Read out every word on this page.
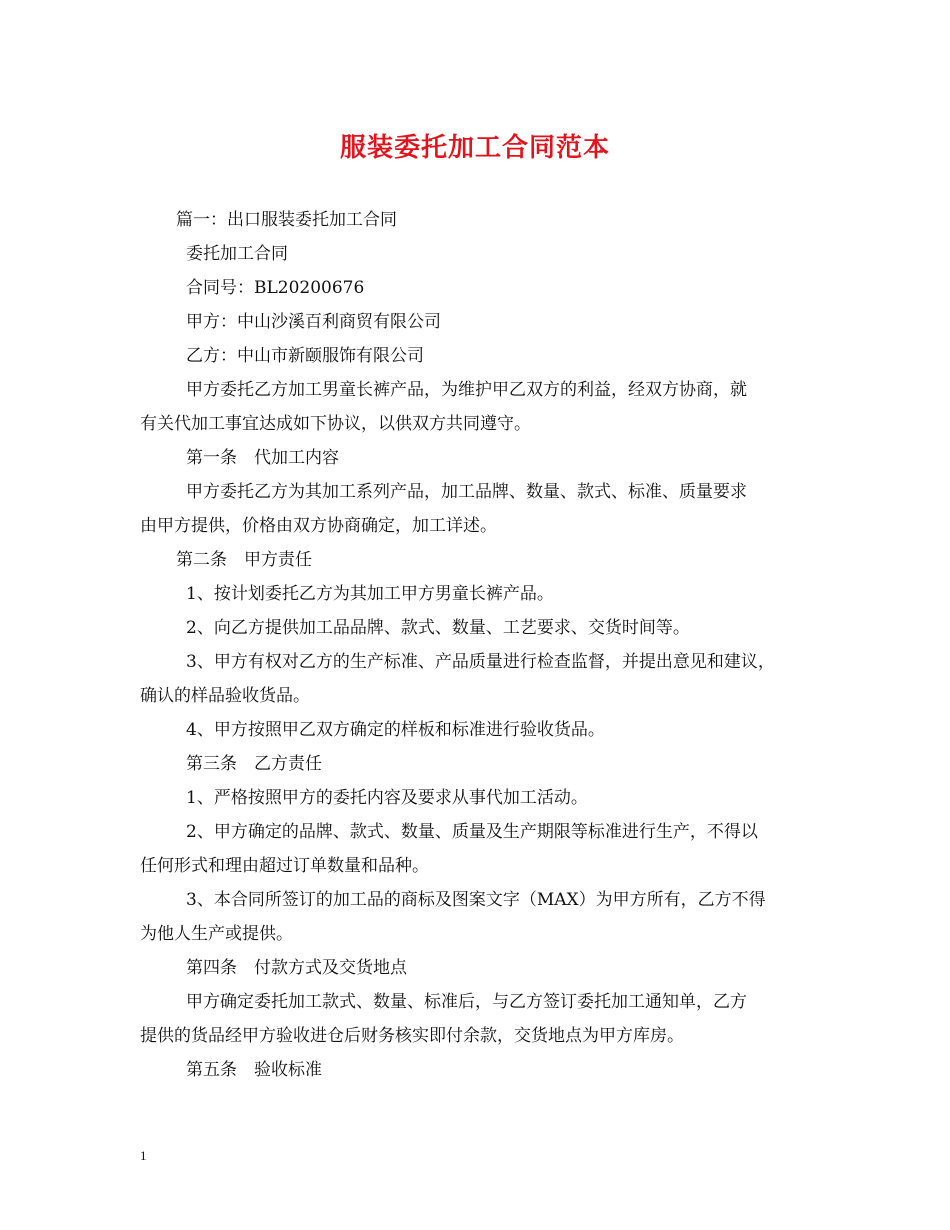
服装委托加工合同范本
篇一：出口服装委托加工合同
委托加工合同
合同号：BL20200676
甲方：中山沙溪百利商贸有限公司
乙方：中山市新颐服饰有限公司
甲方委托乙方加工男童长裤产品，为维护甲乙双方的利益，经双方协商，就
有关代加工事宜达成如下协议，以供双方共同遵守。
第一条　代加工内容
甲方委托乙方为其加工系列产品，加工品牌、数量、款式、标准、质量要求
由甲方提供，价格由双方协商确定，加工详述。
第二条　甲方责任
1、按计划委托乙方为其加工甲方男童长裤产品。
2、向乙方提供加工品品牌、款式、数量、工艺要求、交货时间等。
3、甲方有权对乙方的生产标准、产品质量进行检查监督，并提出意见和建议，
确认的样品验收货品。
4、甲方按照甲乙双方确定的样板和标准进行验收货品。
第三条　乙方责任
1、严格按照甲方的委托内容及要求从事代加工活动。
2、甲方确定的品牌、款式、数量、质量及生产期限等标准进行生产，不得以
任何形式和理由超过订单数量和品种。
3、本合同所签订的加工品的商标及图案文字（MAX）为甲方所有，乙方不得
为他人生产或提供。
第四条　付款方式及交货地点
甲方确定委托加工款式、数量、标准后，与乙方签订委托加工通知单，乙方
提供的货品经甲方验收进仓后财务核实即付余款，交货地点为甲方库房。
第五条　验收标准
1
